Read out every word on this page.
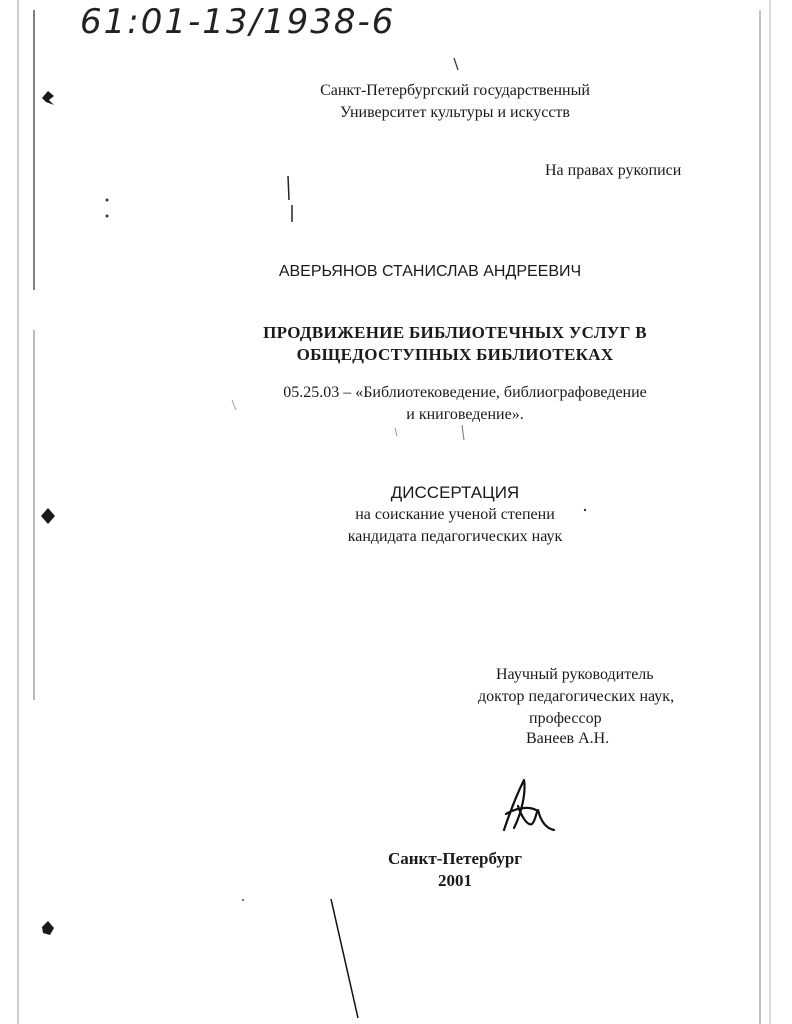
61:01-13/1938-6
Санкт-Петербургский государственный
Университет культуры и искусств
На правах рукописи
АВЕРЬЯНОВ СТАНИСЛАВ АНДРЕЕВИЧ
ПРОДВИЖЕНИЕ БИБЛИОТЕЧНЫХ УСЛУГ В
ОБЩЕДОСТУПНЫХ БИБЛИОТЕКАХ
05.25.03 – «Библиотековедение, библиографоведение
и книговедение».
ДИССЕРТАЦИЯ
на соискание ученой степени
кандидата педагогических наук
Научный руководитель
доктор педагогических наук,
профессор
Ванеев А.Н.
Санкт-Петербург
2001
